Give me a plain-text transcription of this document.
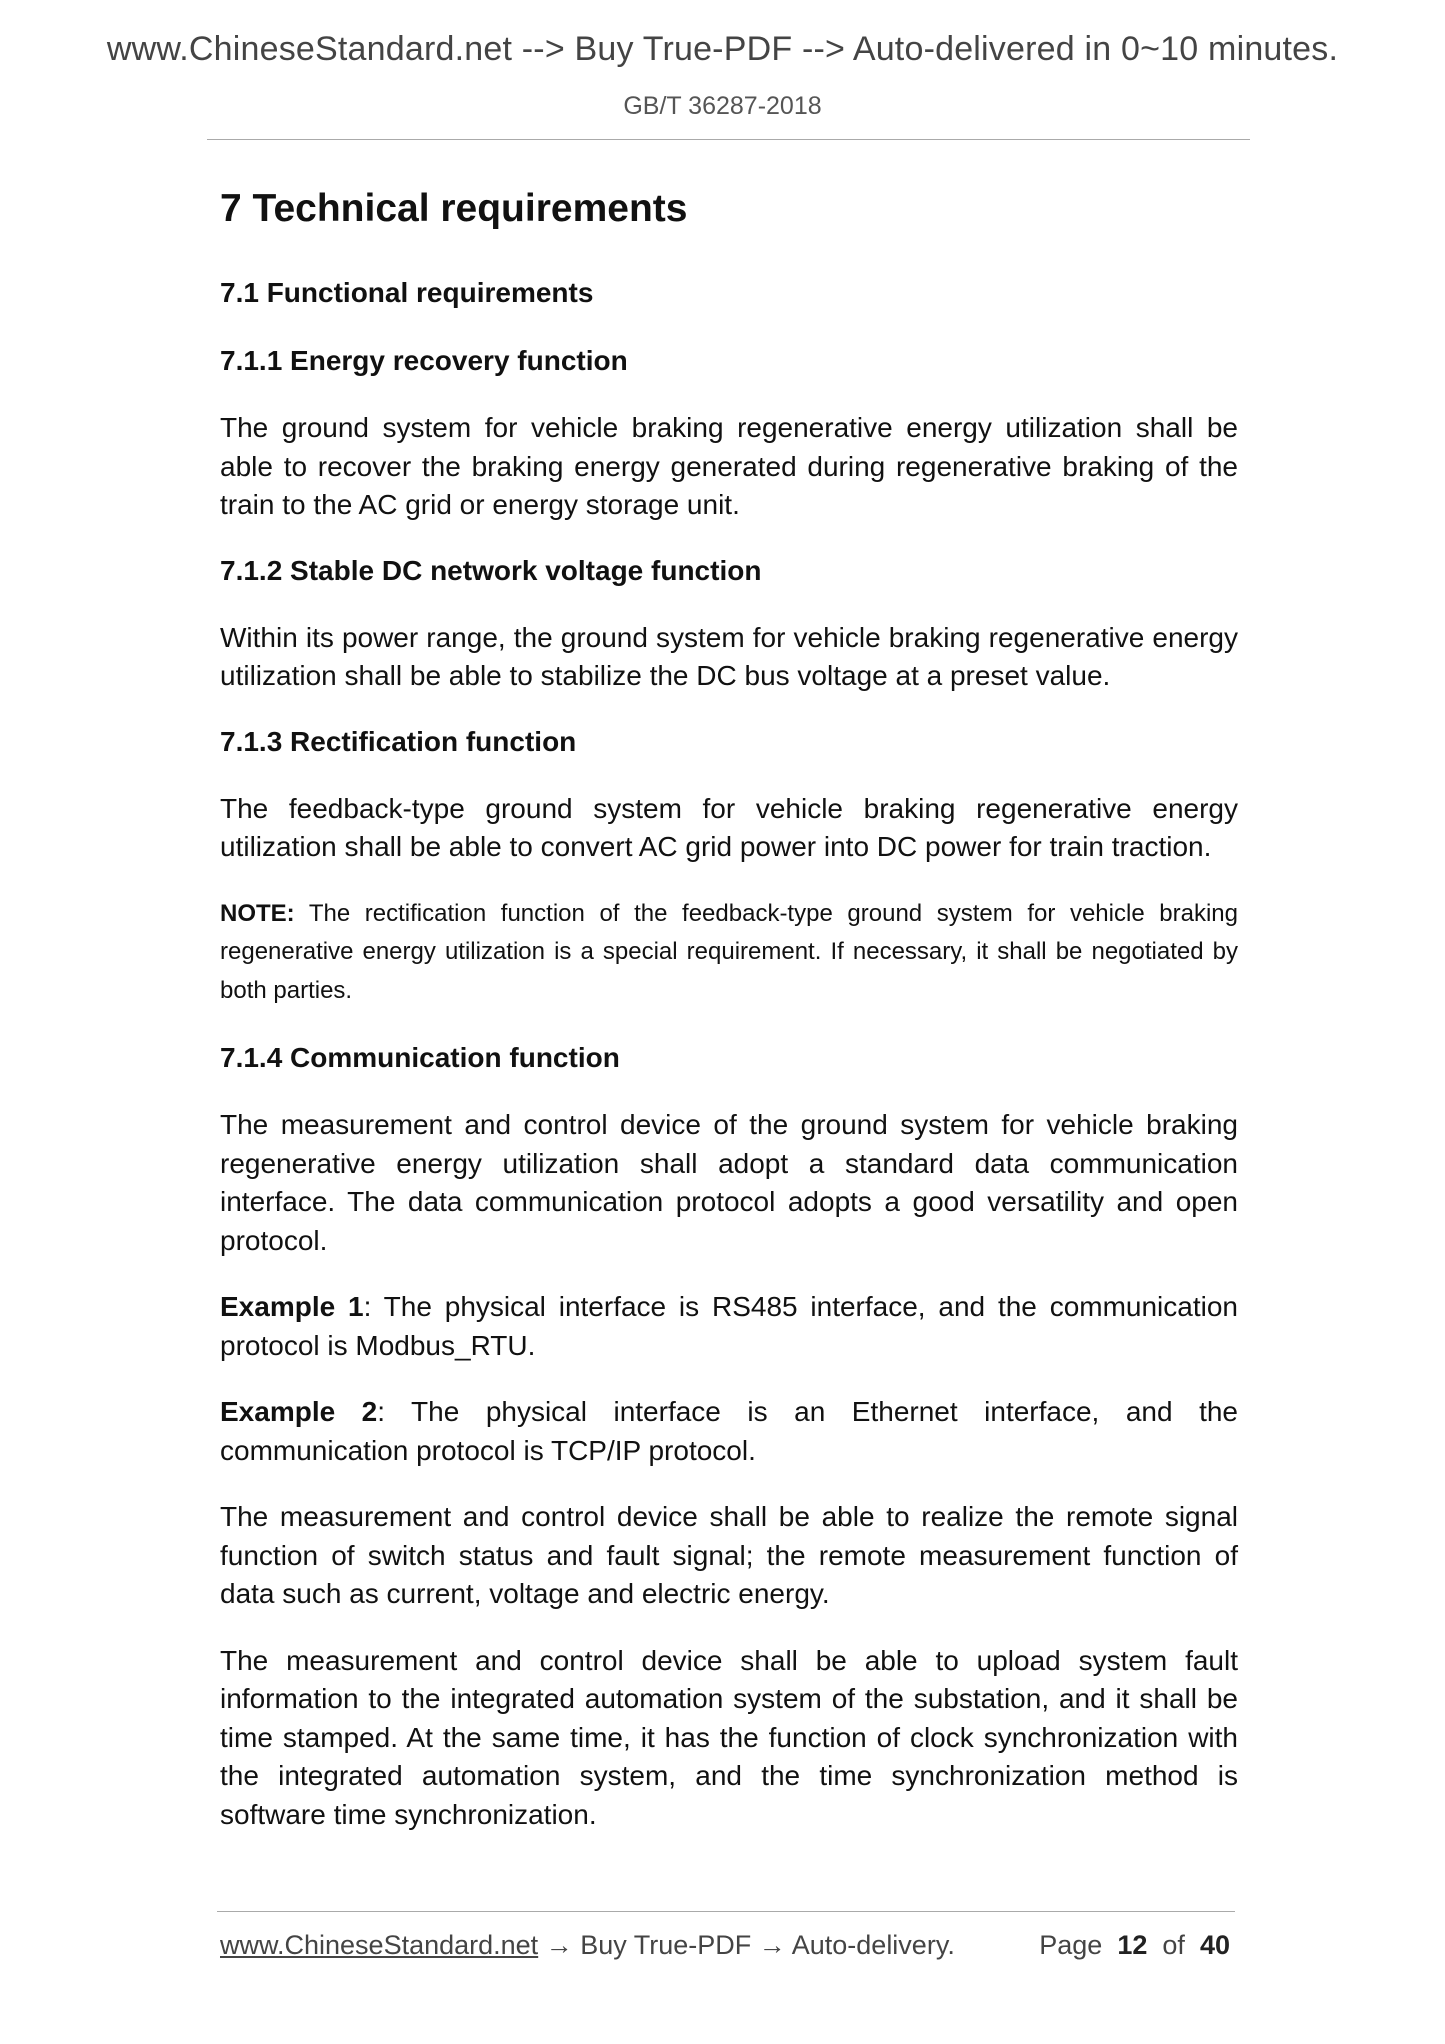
www.ChineseStandard.net --> Buy True-PDF --> Auto-delivered in 0~10 minutes.
GB/T 36287-2018
7 Technical requirements
7.1 Functional requirements
7.1.1 Energy recovery function

The ground system for vehicle braking regenerative energy utilization shall be able to recover the braking energy generated during regenerative braking of the train to the AC grid or energy storage unit.

7.1.2 Stable DC network voltage function

Within its power range, the ground system for vehicle braking regenerative energy utilization shall be able to stabilize the DC bus voltage at a preset value.

7.1.3 Rectification function

The feedback-type ground system for vehicle braking regenerative energy utilization shall be able to convert AC grid power into DC power for train traction.

NOTE: The rectification function of the feedback-type ground system for vehicle braking regenerative energy utilization is a special requirement. If necessary, it shall be negotiated by both parties.

7.1.4 Communication function

The measurement and control device of the ground system for vehicle braking regenerative energy utilization shall adopt a standard data communication interface. The data communication protocol adopts a good versatility and open protocol.

Example 1: The physical interface is RS485 interface, and the communication protocol is Modbus_RTU.

Example 2: The physical interface is an Ethernet interface, and the communication protocol is TCP/IP protocol.

The measurement and control device shall be able to realize the remote signal function of switch status and fault signal; the remote measurement function of data such as current, voltage and electric energy.

The measurement and control device shall be able to upload system fault information to the integrated automation system of the substation, and it shall be time stamped. At the same time, it has the function of clock synchronization with the integrated automation system, and the time synchronization method is software time synchronization.

www.ChineseStandard.net → Buy True-PDF → Auto-delivery.	Page 12 of 40
